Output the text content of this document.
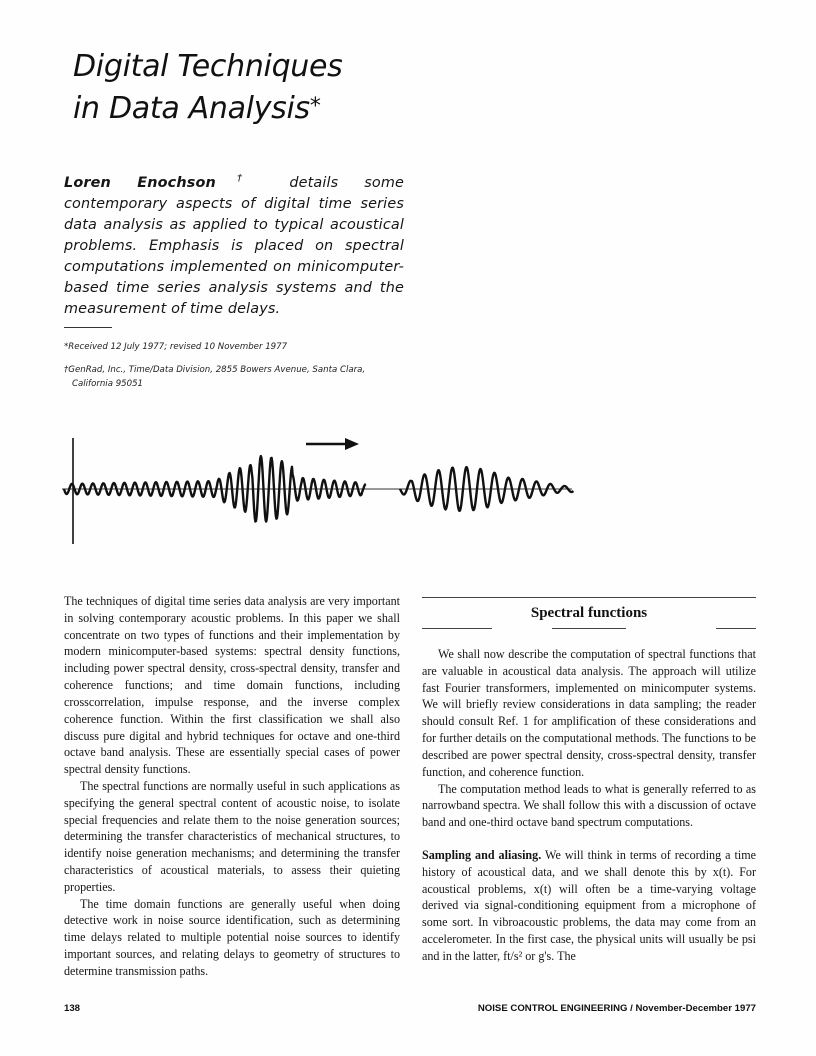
Digital Techniques
in Data Analysis*
Loren Enochson† details some contemporary aspects of digital time series data analysis as applied to typical acoustical problems. Emphasis is placed on spectral computations implemented on minicomputer-based time series analysis systems and the measurement of time delays.
*Received 12 July 1977; revised 10 November 1977
†GenRad, Inc., Time/Data Division, 2855 Bowers Avenue, Santa Clara,
California 95051

The techniques of digital time series data analysis are very important in solving contemporary acoustic problems. In this paper we shall concentrate on two types of functions and their implementation by modern minicomputer-based systems: spectral density functions, including power spectral density, cross-spectral density, transfer and coherence functions; and time domain functions, including crosscorrelation, impulse response, and the inverse complex coherence function. Within the first classification we shall also discuss pure digital and hybrid techniques for octave and one-third octave band analysis. These are essentially special cases of power spectral density functions.

The spectral functions are normally useful in such applications as specifying the general spectral content of acoustic noise, to isolate special frequencies and relate them to the noise generation sources; determining the transfer characteristics of mechanical structures, to identify noise generation mechanisms; and determining the transfer characteristics of acoustical materials, to assess their quieting properties.

The time domain functions are generally useful when doing detective work in noise source identification, such as determining time delays related to multiple potential noise sources to identify important sources, and relating delays to geometry of structures to determine transmission paths.

Spectral functions

We shall now describe the computation of spectral functions that are valuable in acoustical data analysis. The approach will utilize fast Fourier transformers, implemented on minicomputer systems. We will briefly review considerations in data sampling; the reader should consult Ref. 1 for amplification of these considerations and for further details on the computational methods. The functions to be described are power spectral density, cross-spectral density, transfer function, and coherence function.

The computation method leads to what is generally referred to as narrowband spectra. We shall follow this with a discussion of octave band and one-third octave band spectrum computations.

Sampling and aliasing. We will think in terms of recording a time history of acoustical data, and we shall denote this by x(t). For acoustical problems, x(t) will often be a time-varying voltage derived via signal-conditioning equipment from a microphone of some sort. In vibroacoustic problems, the data may come from an accelerometer. In the first case, the physical units will usually be psi and in the latter, ft/s² or g's. The

138	NOISE CONTROL ENGINEERING / November-December 1977
